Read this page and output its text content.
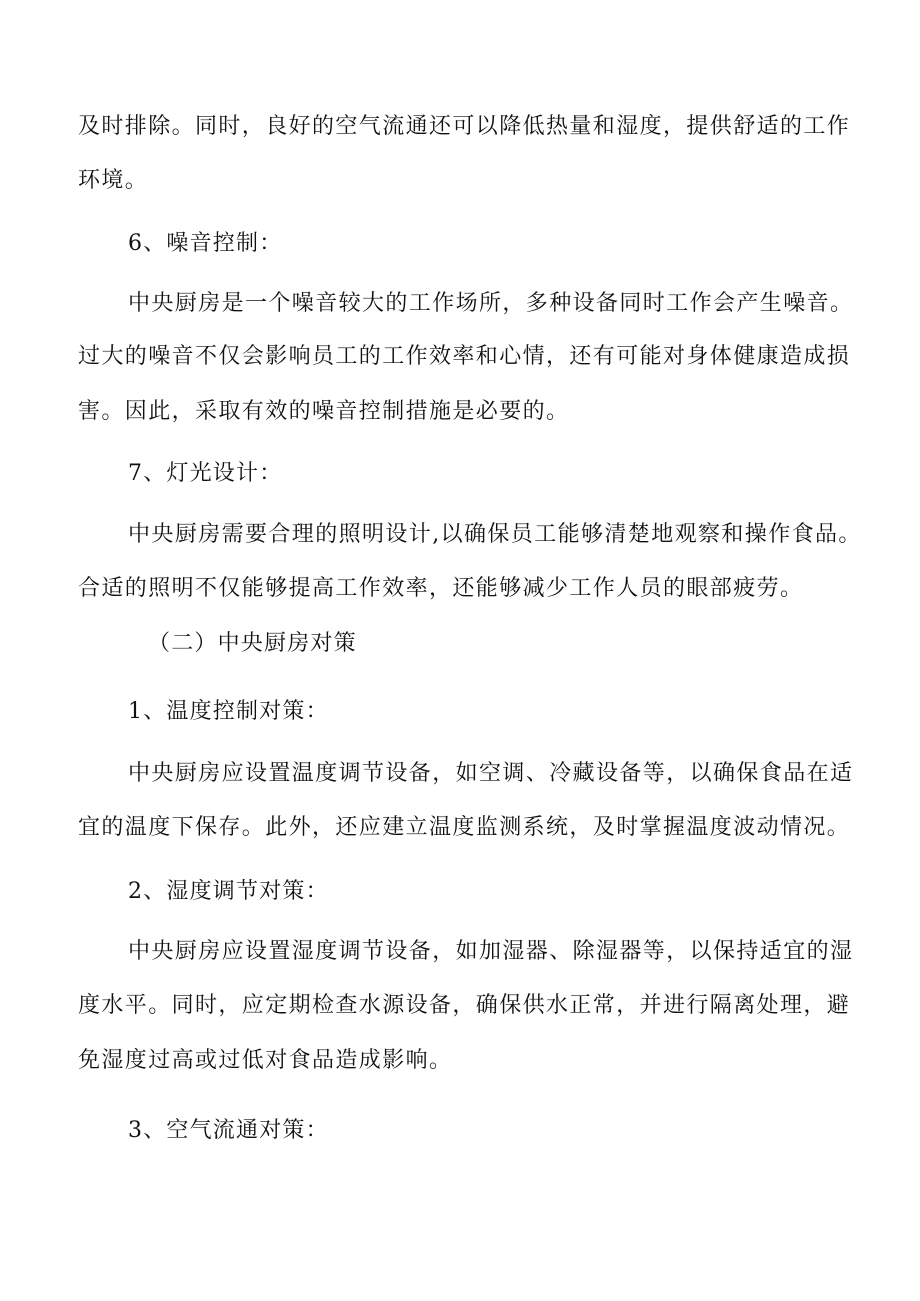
及时排除。同时，良好的空气流通还可以降低热量和湿度，提供舒适的工作
环境。
6、噪音控制：
中央厨房是一个噪音较大的工作场所，多种设备同时工作会产生噪音。
过大的噪音不仅会影响员工的工作效率和心情，还有可能对身体健康造成损
害。因此，采取有效的噪音控制措施是必要的。
7、灯光设计：
中央厨房需要合理的照明设计,以确保员工能够清楚地观察和操作食品。
合适的照明不仅能够提高工作效率，还能够减少工作人员的眼部疲劳。
（二）中央厨房对策
1、温度控制对策：
中央厨房应设置温度调节设备，如空调、冷藏设备等，以确保食品在适
宜的温度下保存。此外，还应建立温度监测系统，及时掌握温度波动情况。
2、湿度调节对策：
中央厨房应设置湿度调节设备，如加湿器、除湿器等，以保持适宜的湿
度水平。同时，应定期检查水源设备，确保供水正常，并进行隔离处理，避
免湿度过高或过低对食品造成影响。
3、空气流通对策：
